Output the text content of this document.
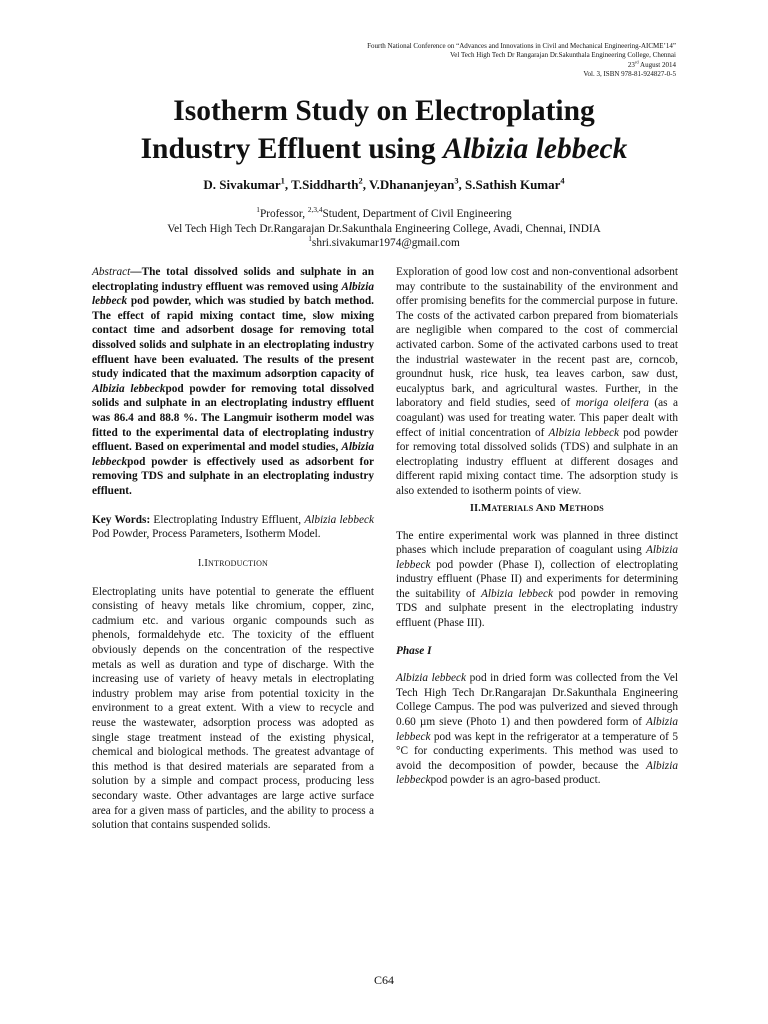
Fourth National Conference on “Advances and Innovations in Civil and Mechanical Engineering-AICME’14”
Vel Tech High Tech Dr Rangarajan Dr.Sakunthala Engineering College, Chennai
23rd August 2014
Vol. 3, ISBN 978-81-924827-0-5
Isotherm Study on Electroplating
Industry Effluent using Albizia lebbeck
D. Sivakumar$^1$, T.Siddharth$^2$, V.Dhananjeyan$^3$, S.Sathish Kumar$^4$
$^1$Professor, $^{2,3,4}$Student, Department of Civil Engineering
Vel Tech High Tech Dr.Rangarajan Dr.Sakunthala Engineering College, Avadi, Chennai, INDIA
$^1$shri.sivakumar1974@gmail.com

Abstract—The total dissolved solids and sulphate in an electroplating industry effluent was removed using Albizia lebbeck pod powder, which was studied by batch method. The effect of rapid mixing contact time, slow mixing contact time and adsorbent dosage for removing total dissolved solids and sulphate in an electroplating industry effluent have been evaluated. The results of the present study indicated that the maximum adsorption capacity of Albizia lebbeckpod powder for removing total dissolved solids and sulphate in an electroplating industry effluent was 86.4 and 88.8 %. The Langmuir isotherm model was fitted to the experimental data of electroplating industry effluent. Based on experimental and model studies, Albizia lebbeckpod powder is effectively used as adsorbent for removing TDS and sulphate in an electroplating industry effluent.

Key Words: Electroplating Industry Effluent, Albizia lebbeck Pod Powder, Process Parameters, Isotherm Model.

I.Introduction

Electroplating units have potential to generate the effluent consisting of heavy metals like chromium, copper, zinc, cadmium etc. and various organic compounds such as phenols, formaldehyde etc. The toxicity of the effluent obviously depends on the concentration of the respective metals as well as duration and type of discharge. With the increasing use of variety of heavy metals in electroplating industry problem may arise from potential toxicity in the environment to a great extent. With a view to recycle and reuse the wastewater, adsorption process was adopted as single stage treatment instead of the existing physical, chemical and biological methods. The greatest advantage of this method is that desired materials are separated from a solution by a simple and compact process, producing less secondary waste. Other advantages are large active surface area for a given mass of particles, and the ability to process a solution that contains suspended solids.

Exploration of good low cost and non-conventional adsorbent may contribute to the sustainability of the environment and offer promising benefits for the commercial purpose in future. The costs of the activated carbon prepared from biomaterials are negligible when compared to the cost of commercial activated carbon. Some of the activated carbons used to treat the industrial wastewater in the recent past are, corncob, groundnut husk, rice husk, tea leaves carbon, saw dust, eucalyptus bark, and agricultural wastes. Further, in the laboratory and field studies, seed of moriga oleifera (as a coagulant) was used for treating water. This paper dealt with effect of initial concentration of Albizia lebbeck pod powder for removing total dissolved solids (TDS) and sulphate in an electroplating industry effluent at different dosages and different rapid mixing contact time. The adsorption study is also extended to isotherm points of view.

II.Materials And Methods

The entire experimental work was planned in three distinct phases which include preparation of coagulant using Albizia lebbeck pod powder (Phase I), collection of electroplating industry effluent (Phase II) and experiments for determining the suitability of Albizia lebbeck pod powder in removing TDS and sulphate present in the electroplating industry effluent (Phase III).

Phase I

Albizia lebbeck pod in dried form was collected from the Vel Tech High Tech Dr.Rangarajan Dr.Sakunthala Engineering College Campus. The pod was pulverized and sieved through 0.60 µm sieve (Photo 1) and then powdered form of Albizia lebbeck pod was kept in the refrigerator at a temperature of 5 °C for conducting experiments. This method was used to avoid the decomposition of powder, because the Albizia lebbeckpod powder is an agro-based product.

C64
